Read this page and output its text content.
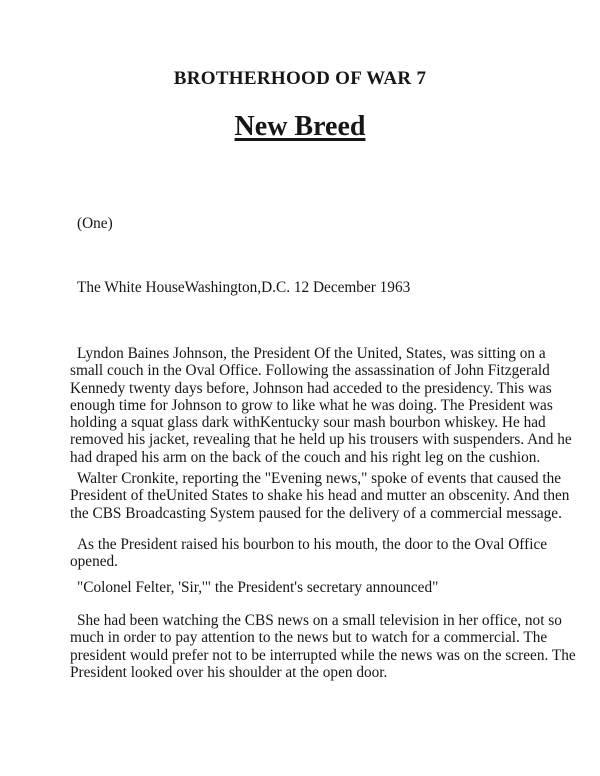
BROTHERHOOD OF WAR 7
New Breed
(One)
The White HouseWashington,D.C. 12 December 1963
Lyndon Baines Johnson, the President Of the United, States, was sitting on a
small couch in the Oval Office. Following the assassination of John Fitzgerald
Kennedy twenty days before, Johnson had acceded to the presidency. This was
enough time for Johnson to grow to like what he was doing. The President was
holding a squat glass dark withKentucky sour mash bourbon whiskey. He had
removed his jacket, revealing that he held up his trousers with suspenders. And he
had draped his arm on the back of the couch and his right leg on the cushion.
Walter Cronkite, reporting the "Evening news," spoke of events that caused the
President of theUnited States to shake his head and mutter an obscenity. And then
the CBS Broadcasting System paused for the delivery of a commercial message.
As the President raised his bourbon to his mouth, the door to the Oval Office
opened.
"Colonel Felter, 'Sir,'" the President's secretary announced"
She had been watching the CBS news on a small television in her office, not so
much in order to pay attention to the news but to watch for a commercial. The
president would prefer not to be interrupted while the news was on the screen. The
President looked over his shoulder at the open door.
